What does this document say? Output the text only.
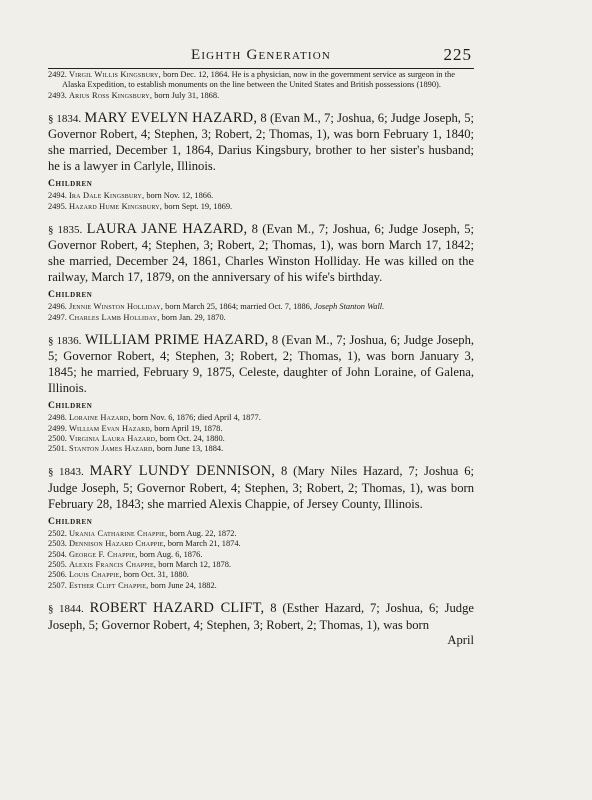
Eighth Generation	225

2492. Virgil Willis Kingsbury, born Dec. 12, 1864. He is a physician, now in the government service as surgeon in the Alaska Expedition, to establish monuments on the line between the United States and British possessions (1890).

2493. Arius Ross Kingsbury, born July 31, 1868.

§ 1834. MARY EVELYN HAZARD, 8 (Evan M., 7; Joshua, 6; Judge Joseph, 5; Governor Robert, 4; Stephen, 3; Robert, 2; Thomas, 1), was born February 1, 1840; she married, December 1, 1864, Darius Kingsbury, brother to her sister's husband; he is a lawyer in Carlyle, Illinois.

Children

2494. Ira Dale Kingsbury, born Nov. 12, 1866.

2495. Hazard Hume Kingsbury, born Sept. 19, 1869.

§ 1835. LAURA JANE HAZARD, 8 (Evan M., 7; Joshua, 6; Judge Joseph, 5; Governor Robert, 4; Stephen, 3; Robert, 2; Thomas, 1), was born March 17, 1842; she married, December 24, 1861, Charles Winston Holliday. He was killed on the railway, March 17, 1879, on the anniversary of his wife's birthday.

Children

2496. Jennie Winston Holliday, born March 25, 1864; married Oct. 7, 1886, Joseph Stanton Wall.

2497. Charles Lamb Holliday, born Jan. 29, 1870.

§ 1836. WILLIAM PRIME HAZARD, 8 (Evan M., 7; Joshua, 6; Judge Joseph, 5; Governor Robert, 4; Stephen, 3; Robert, 2; Thomas, 1), was born January 3, 1845; he married, February 9, 1875, Celeste, daughter of John Loraine, of Galena, Illinois.

Children

2498. Loraine Hazard, born Nov. 6, 1876; died April 4, 1877.

2499. William Evan Hazard, born April 19, 1878.

2500. Virginia Laura Hazard, born Oct. 24, 1880.

2501. Stanton James Hazard, born June 13, 1884.

§ 1843. MARY LUNDY DENNISON, 8 (Mary Niles Hazard, 7; Joshua 6; Judge Joseph, 5; Governor Robert, 4; Stephen, 3; Robert, 2; Thomas, 1), was born February 28, 1843; she married Alexis Chappie, of Jersey County, Illinois.

Children

2502. Urania Catharine Chappie, born Aug. 22, 1872.

2503. Dennison Hazard Chappie, born March 21, 1874.

2504. George F. Chappie, born Aug. 6, 1876.

2505. Alexis Francis Chappie, born March 12, 1878.

2506. Louis Chappie, born Oct. 31, 1880.

2507. Esther Clift Chappie, born June 24, 1882.

§ 1844. ROBERT HAZARD CLIFT, 8 (Esther Hazard, 7; Joshua, 6; Judge Joseph, 5; Governor Robert, 4; Stephen, 3; Robert, 2; Thomas, 1), was born

April
